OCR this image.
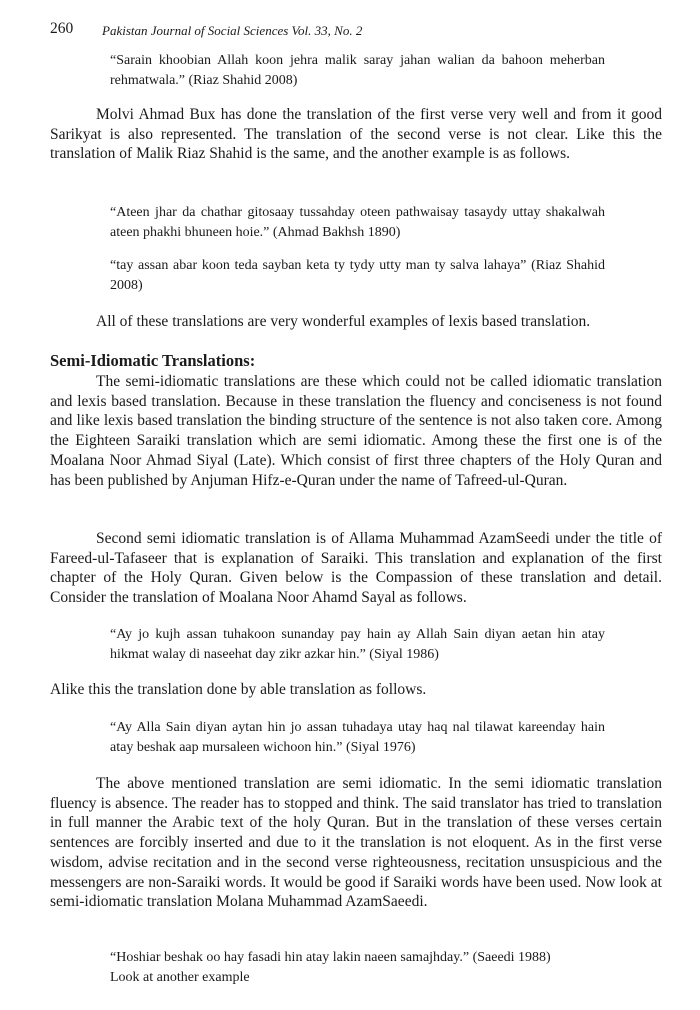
260 Pakistan Journal of Social Sciences Vol. 33, No. 2

“Sarain khoobian Allah koon jehra malik saray jahan walian da bahoon meherban rehmatwala.” (Riaz Shahid 2008)

Molvi Ahmad Bux has done the translation of the first verse very well and from it good Sarikyat is also represented. The translation of the second verse is not clear. Like this the translation of Malik Riaz Shahid is the same, and the another example is as follows.

“Ateen jhar da chathar gitosaay tussahday oteen pathwaisay tasaydy uttay shakalwah ateen phakhi bhuneen hoie.” (Ahmad Bakhsh 1890)

“tay assan abar koon teda sayban keta ty tydy utty man ty salva lahaya” (Riaz Shahid 2008)

All of these translations are very wonderful examples of lexis based translation.

Semi-Idiomatic Translations:

The semi-idiomatic translations are these which could not be called idiomatic translation and lexis based translation. Because in these translation the fluency and conciseness is not found and like lexis based translation the binding structure of the sentence is not also taken core. Among the Eighteen Saraiki translation which are semi idiomatic. Among these the first one is of the Moalana Noor Ahmad Siyal (Late). Which consist of first three chapters of the Holy Quran and has been published by Anjuman Hifz-e-Quran under the name of Tafreed-ul-Quran.

Second semi idiomatic translation is of Allama Muhammad AzamSeedi under the title of Fareed-ul-Tafaseer that is explanation of Saraiki. This translation and explanation of the first chapter of the Holy Quran. Given below is the Compassion of these translation and detail. Consider the translation of Moalana Noor Ahamd Sayal as follows.

“Ay jo kujh assan tuhakoon sunanday pay hain ay Allah Sain diyan aetan hin atay hikmat walay di naseehat day zikr azkar hin.” (Siyal 1986)

Alike this the translation done by able translation as follows.

“Ay Alla Sain diyan aytan hin jo assan tuhadaya utay haq nal tilawat kareenday hain atay beshak aap mursaleen wichoon hin.” (Siyal 1976)

The above mentioned translation are semi idiomatic. In the semi idiomatic translation fluency is absence. The reader has to stopped and think. The said translator has tried to translation in full manner the Arabic text of the holy Quran. But in the translation of these verses certain sentences are forcibly inserted and due to it the translation is not eloquent. As in the first verse wisdom, advise recitation and in the second verse righteousness, recitation unsuspicious and the messengers are non-Saraiki words. It would be good if Saraiki words have been used. Now look at semi-idiomatic translation Molana Muhammad AzamSaeedi.

“Hoshiar beshak oo hay fasadi hin atay lakin naeen samajhday.” (Saeedi 1988)

Look at another example
